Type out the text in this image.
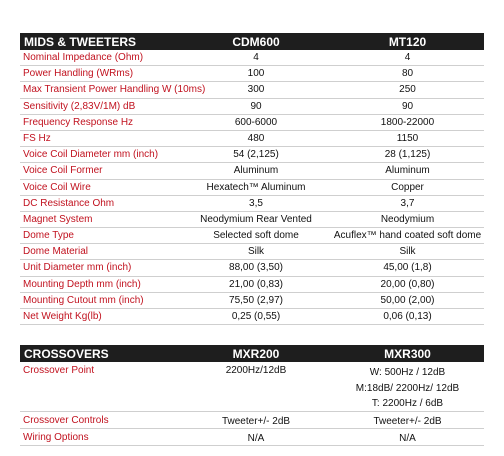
MIDS & TWEETERS	CDM600	MT120
Nominal Impedance (Ohm)	4	4
Power Handling (WRms)	100	80
Max Transient Power Handling W (10ms)	300	250
Sensitivity (2,83V/1M) dB	90	90
Frequency Response Hz	600-6000	1800-22000
FS Hz	480	1150
Voice Coil Diameter mm (inch)	54 (2,125)	28 (1,125)
Voice Coil Former	Aluminum	Aluminum
Voice Coil Wire	Hexatech™ Aluminum	Copper
DC Resistance Ohm	3,5	3,7
Magnet System	Neodymium Rear Vented	Neodymium
Dome Type	Selected soft dome	Acuflex™ hand coated soft dome
Dome Material	Silk	Silk
Unit Diameter mm (inch)	88,00 (3,50)	45,00 (1,8)
Mounting Depth mm (inch)	21,00 (0,83)	20,00 (0,80)
Mounting Cutout mm (inch)	75,50 (2,97)	50,00 (2,00)
Net Weight Kg(lb)	0,25 (0,55)	0,06 (0,13)
CROSSOVERS	MXR200	MXR300
Crossover Point	2200Hz/12dB	W: 500Hz / 12dB
M:18dB/ 2200Hz/ 12dB
T: 2200Hz / 6dB
Crossover Controls	Tweeter+/- 2dB	Tweeter+/- 2dB
Wiring Options	N/A	N/A
